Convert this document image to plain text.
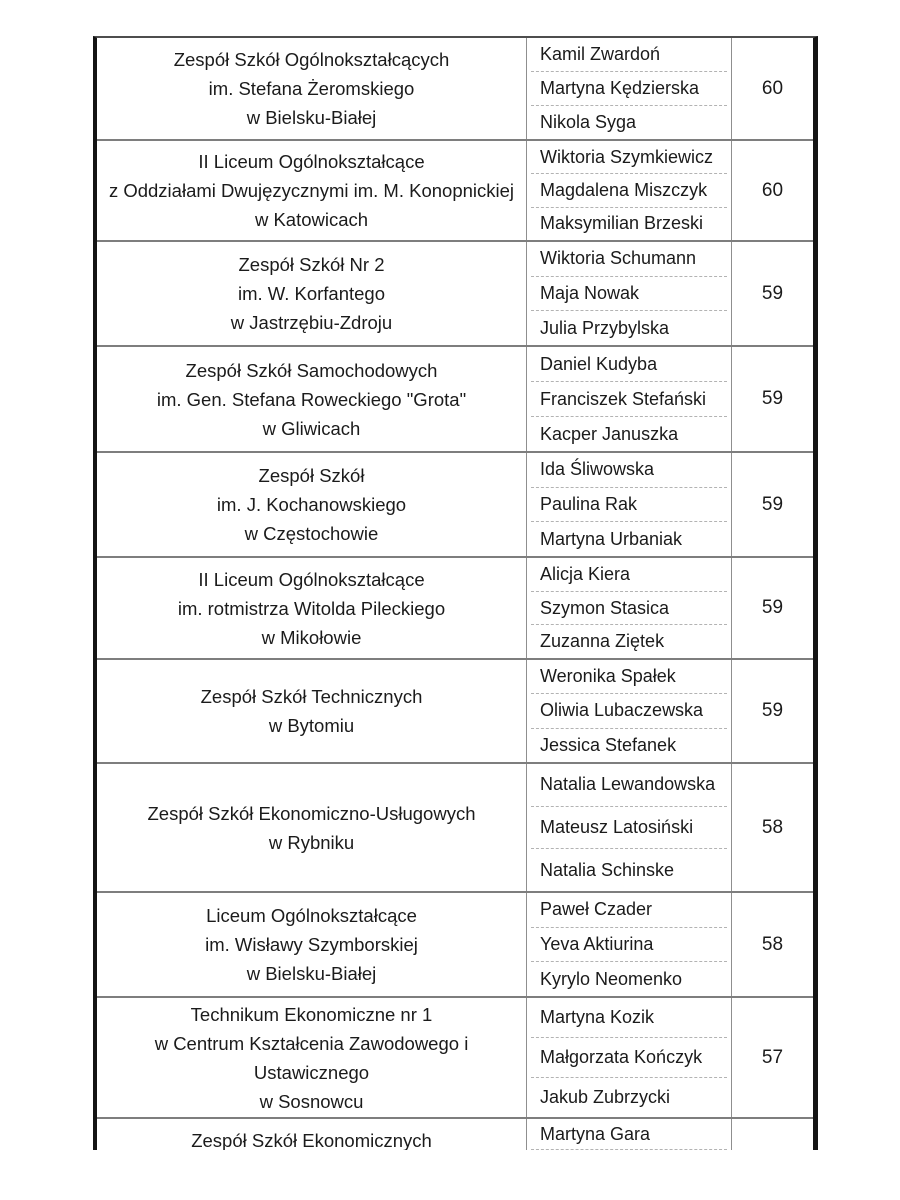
Zespół Szkół Ogólnokształcących
im. Stefana Żeromskiego
w Bielsku-Białej
Kamil Zwardoń
Martyna Kędzierska
Nikola Syga
60
II Liceum Ogólnokształcące
z Oddziałami Dwujęzycznymi im. M. Konopnickiej
w Katowicach
Wiktoria Szymkiewicz
Magdalena Miszczyk
Maksymilian Brzeski
60
Zespół Szkół Nr 2
im. W. Korfantego
w Jastrzębiu-Zdroju
Wiktoria Schumann
Maja Nowak
Julia Przybylska
59
Zespół Szkół Samochodowych
im. Gen. Stefana Roweckiego "Grota"
w Gliwicach
Daniel Kudyba
Franciszek Stefański
Kacper Januszka
59
Zespół Szkół
im. J. Kochanowskiego
w Częstochowie
Ida Śliwowska
Paulina Rak
Martyna Urbaniak
59
II Liceum Ogólnokształcące
im. rotmistrza Witolda Pileckiego
w Mikołowie
Alicja Kiera
Szymon Stasica
Zuzanna Ziętek
59
Zespół Szkół Technicznych
w Bytomiu
Weronika Spałek
Oliwia Lubaczewska
Jessica Stefanek
59
Zespół Szkół Ekonomiczno-Usługowych
w Rybniku
Natalia Lewandowska
Mateusz Latosiński
Natalia Schinske
58
Liceum Ogólnokształcące
im. Wisławy Szymborskiej
w Bielsku-Białej
Paweł Czader
Yeva Aktiurina
Kyrylo Neomenko
58
Technikum Ekonomiczne nr 1
w Centrum Kształcenia Zawodowego i Ustawicznego
w Sosnowcu
Martyna Kozik
Małgorzata Kończyk
Jakub Zubrzycki
57
Zespół Szkół Ekonomicznych	Martyna Gara
